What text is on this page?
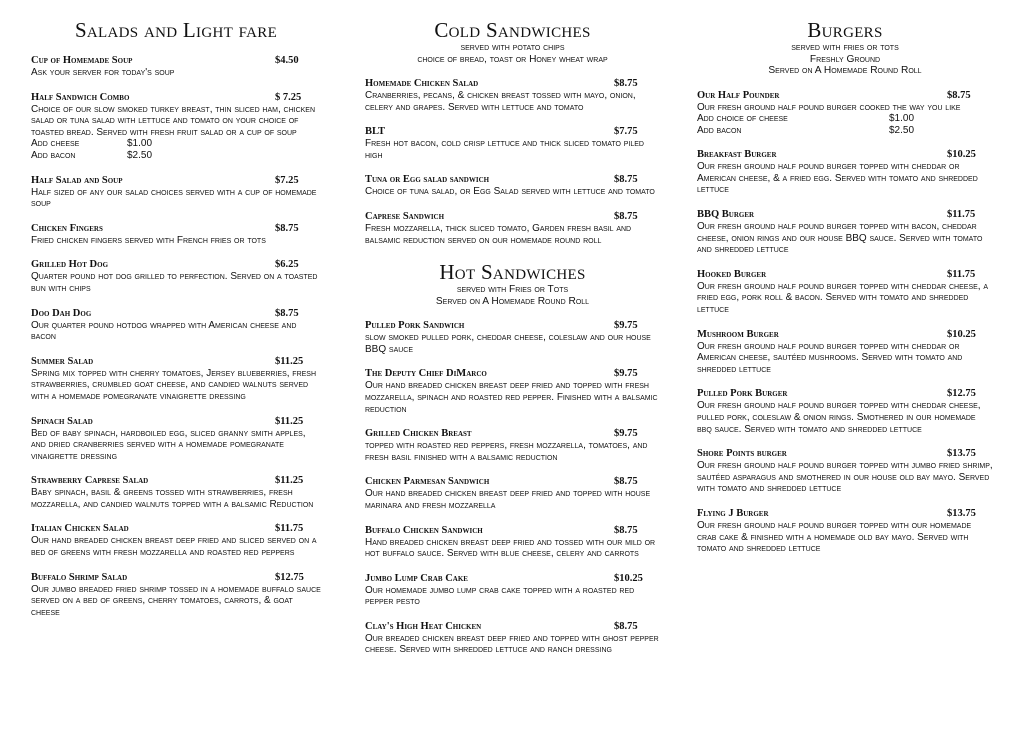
Salads and Light fare
Cup of Homemade Soup	$4.50
Ask your server for today's soup
Half Sandwich Combo	$ 7.25
Choice of our slow smoked turkey breast, thin sliced ham, chicken salad or tuna salad with lettuce and tomato on your choice of toasted bread. Served with fresh fruit salad or a cup of soup
Add cheese	$1.00
Add bacon	$2.50
Half Salad and Soup	$7.25
Half sized of any our salad choices served with a cup of homemade soup
Chicken Fingers	$8.75
Fried chicken fingers served with French fries or tots
Grilled Hot Dog	$6.25
Quarter pound hot dog grilled to perfection. Served on a toasted bun with chips
Doo Dah Dog	$8.75
Our quarter pound hotdog wrapped with American cheese and bacon
Summer Salad	$11.25
Spring mix topped with cherry tomatoes, Jersey blueberries, fresh strawberries, crumbled goat cheese, and candied walnuts served with a homemade pomegranate vinaigrette dressing
Spinach Salad	$11.25
Bed of baby spinach, hardboiled egg, sliced granny smith apples, and dried cranberries served with a homemade pomegranate vinaigrette dressing
Strawberry Caprese Salad	$11.25
Baby spinach, basil & greens tossed with strawberries, fresh mozzarella, and candied walnuts topped with a balsamic Reduction
Italian Chicken Salad	$11.75
Our hand breaded chicken breast deep fried and sliced served on a bed of greens with fresh mozzarella and roasted red peppers
Buffalo Shrimp Salad	$12.75
Our jumbo breaded fried shrimp tossed in a homemade buffalo sauce served on a bed of greens, cherry tomatoes, carrots, & goat cheese
Cold Sandwiches
served with potato chips
choice of bread, toast or Honey wheat wrap
Homemade Chicken Salad	$8.75
Cranberries, pecans, & chicken breast tossed with mayo, onion, celery and grapes. Served with lettuce and tomato
BLT	$7.75
Fresh hot bacon, cold crisp lettuce and thick sliced tomato piled high
Tuna or Egg salad sandwich	$8.75
Choice of tuna salad, or Egg Salad served with lettuce and tomato
Caprese Sandwich	$8.75
Fresh mozzarella, thick sliced tomato, Garden fresh basil and balsamic reduction served on our homemade round roll
Hot Sandwiches
served with Fries or Tots
Served on A Homemade Round Roll
Pulled Pork Sandwich	$9.75
slow smoked pulled pork, cheddar cheese, coleslaw and our house BBQ sauce
The Deputy Chief DiMarco	$9.75
Our hand breaded chicken breast deep fried and topped with fresh mozzarella, spinach and roasted red pepper. Finished with a balsamic reduction
Grilled Chicken Breast	$9.75
topped with roasted red peppers, fresh mozzarella, tomatoes, and fresh basil finished with a balsamic reduction
Chicken Parmesan Sandwich	$8.75
Our hand breaded chicken breast deep fried and topped with house marinara and fresh mozzarella
Buffalo Chicken Sandwich	$8.75
Hand breaded chicken breast deep fried and tossed with our mild or hot buffalo sauce. Served with blue cheese, celery and carrots
Jumbo Lump Crab Cake	$10.25
Our homemade jumbo lump crab cake topped with a roasted red pepper pesto
Clay's High Heat Chicken	$8.75
Our breaded chicken breast deep fried and topped with ghost pepper cheese. Served with shredded lettuce and ranch dressing
Burgers
served with fries or tots
Freshly Ground
Served on A Homemade Round Roll
Our Half Pounder	$8.75
Our fresh ground half pound burger cooked the way you like
Add choice of cheese	$1.00
Add bacon	$2.50
Breakfast Burger	$10.25
Our fresh ground half pound burger topped with cheddar or American cheese, & a fried egg. Served with tomato and shredded lettuce
BBQ Burger	$11.75
Our fresh ground half pound burger topped with bacon, cheddar cheese, onion rings and our house BBQ sauce. Served with tomato and shredded lettuce
Hooked Burger	$11.75
Our fresh ground half pound burger topped with cheddar cheese, a fried egg, pork roll & bacon. Served with tomato and shredded lettuce
Mushroom Burger	$10.25
Our fresh ground half pound burger topped with cheddar or American cheese, sautéed mushrooms. Served with tomato and shredded lettuce
Pulled Pork Burger	$12.75
Our fresh ground half pound burger topped with cheddar cheese, pulled pork, coleslaw & onion rings. Smothered in our homemade bbq sauce. Served with tomato and shredded lettuce
Shore Points burger	$13.75
Our fresh ground half pound burger topped with jumbo fried shrimp, sautéed asparagus and smothered in our house old bay mayo. Served with tomato and shredded lettuce
Flying J Burger	$13.75
Our fresh ground half pound burger topped with our homemade crab cake & finished with a homemade old bay mayo. Served with tomato and shredded lettuce
